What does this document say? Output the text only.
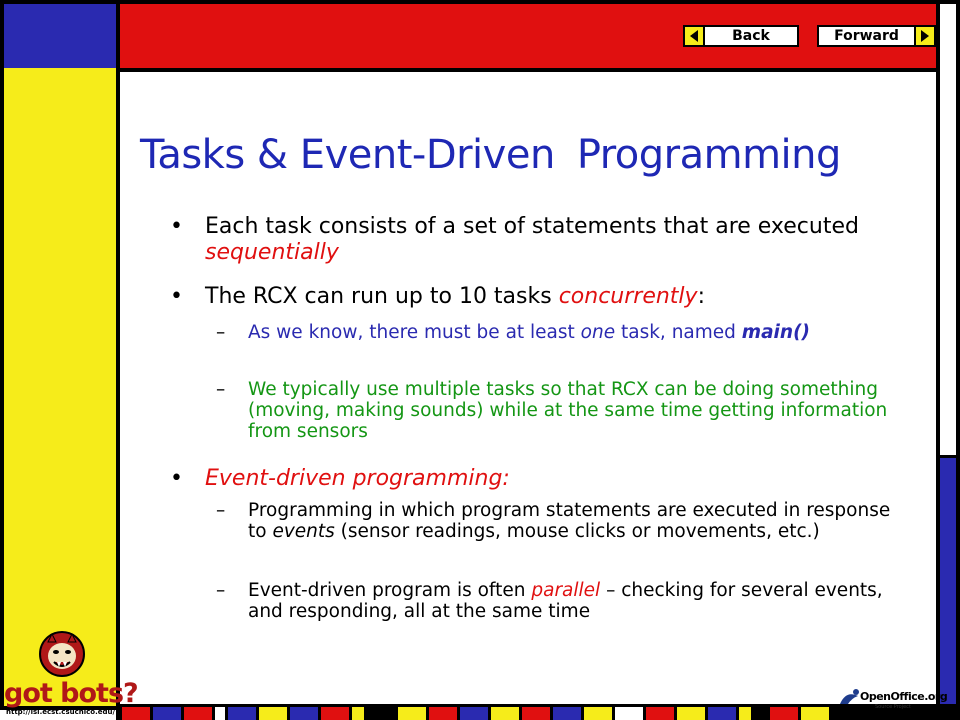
Back	Forward
Tasks & Event-Driven Programming
• Each task consists of a set of statements that are executed sequentially
• The RCX can run up to 10 tasks concurrently:
– As we know, there must be at least one task, named main()
– We typically use multiple tasks so that RCX can be doing something (moving, making sounds) while at the same time getting information from sensors
• Event-driven programming:
– Programming in which program statements are executed in response to events (sensor readings, mouse clicks or movements, etc.)
– Event-driven program is often parallel – checking for several events, and responding, all at the same time
got bots?
http://isl.ecst.csuchico.edu/
OpenOffice.org
Source Project
